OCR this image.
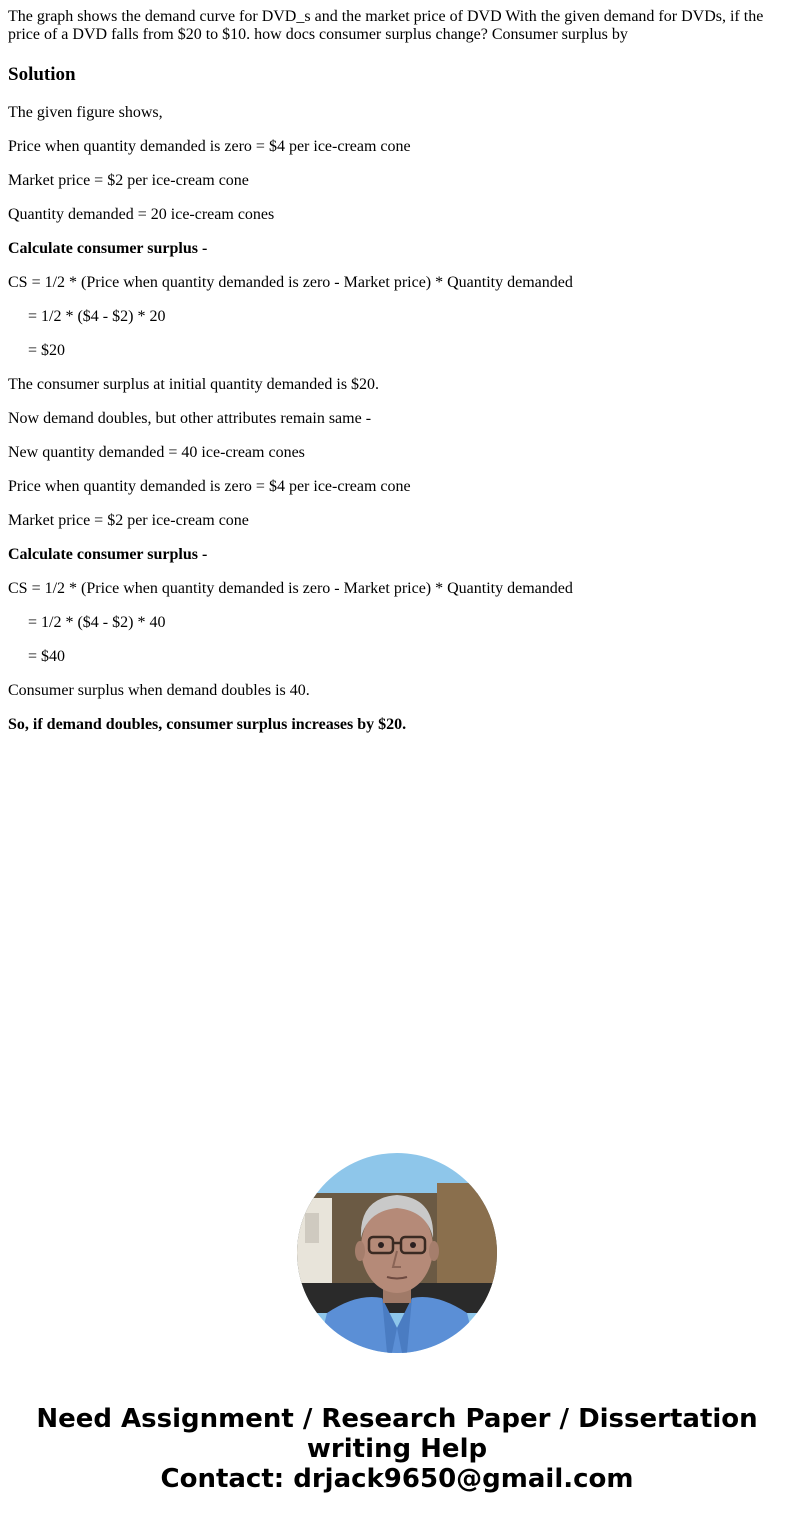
The graph shows the demand curve for DVD_s and the market price of DVD With the given demand for DVDs, if the price of a DVD falls from $20 to $10. how docs consumer surplus change? Consumer surplus by

Solution

The given figure shows,

Price when quantity demanded is zero = $4 per ice-cream cone

Market price = $2 per ice-cream cone

Quantity demanded = 20 ice-cream cones

Calculate consumer surplus -

CS = 1/2 * (Price when quantity demanded is zero - Market price) * Quantity demanded

= 1/2 * ($4 - $2) * 20

= $20

The consumer surplus at initial quantity demanded is $20.

Now demand doubles, but other attributes remain same -

New quantity demanded = 40 ice-cream cones

Price when quantity demanded is zero = $4 per ice-cream cone

Market price = $2 per ice-cream cone

Calculate consumer surplus -

CS = 1/2 * (Price when quantity demanded is zero - Market price) * Quantity demanded

= 1/2 * ($4 - $2) * 40

= $40

Consumer surplus when demand doubles is 40.

So, if demand doubles, consumer surplus increases by $20.

Need Assignment / Research Paper / Dissertation
writing Help
Contact: drjack9650@gmail.com
